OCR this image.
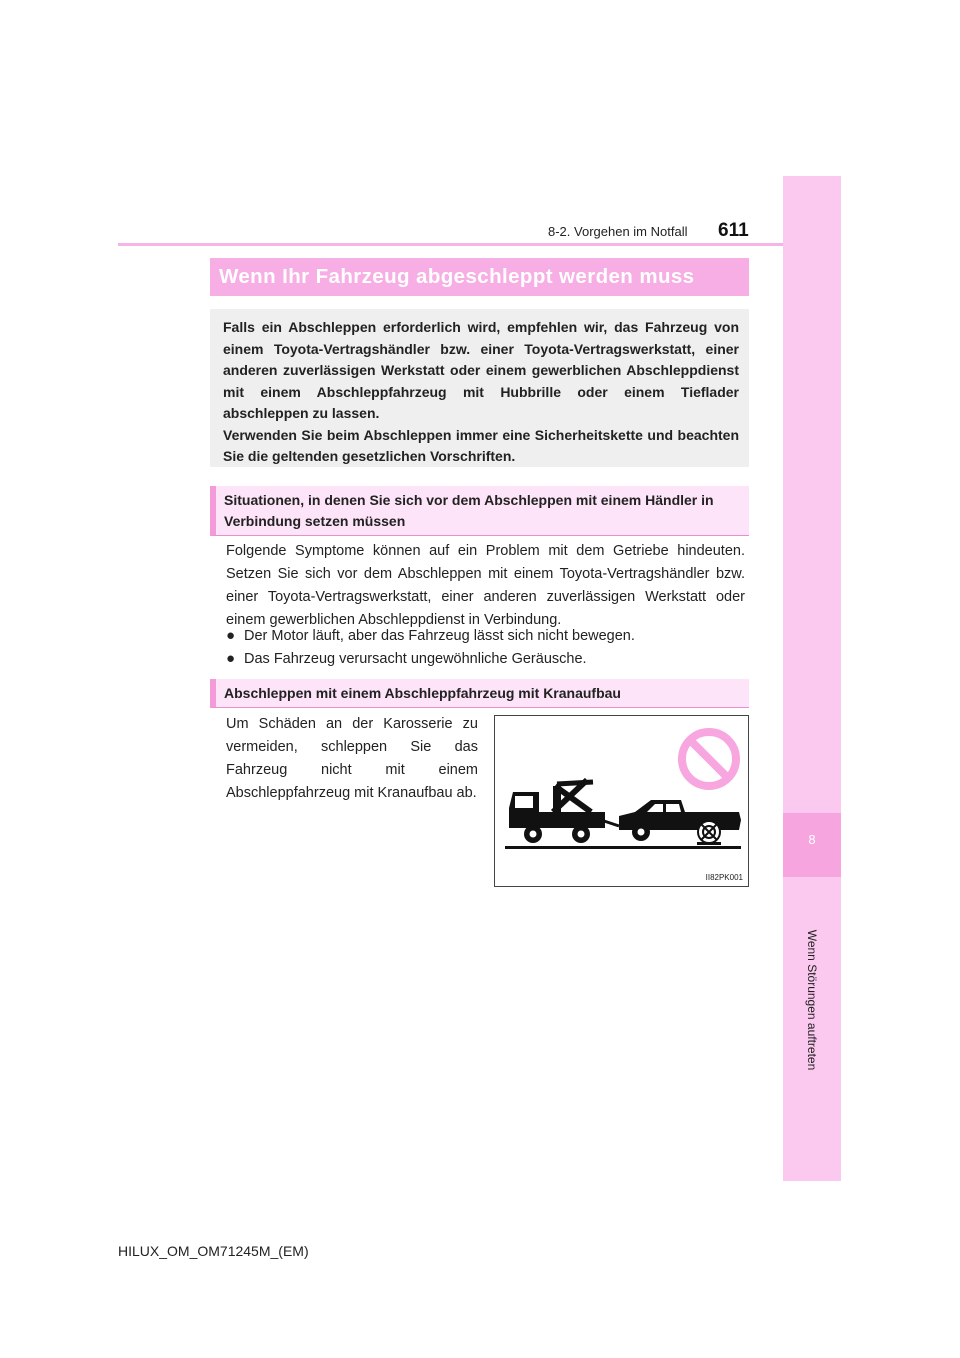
8
Wenn Störungen auftreten
8-2. Vorgehen im Notfall 611
Wenn Ihr Fahrzeug abgeschleppt werden muss

Falls ein Abschleppen erforderlich wird, empfehlen wir, das Fahrzeug von einem Toyota-Vertragshändler bzw. einer Toyota-Vertragswerkstatt, einer anderen zuverlässigen Werkstatt oder einem gewerblichen Abschleppdienst mit einem Abschleppfahrzeug mit Hubbrille oder einem Tieflader abschleppen zu lassen.

Verwenden Sie beim Abschleppen immer eine Sicherheitskette und beachten Sie die geltenden gesetzlichen Vorschriften.

Situationen, in denen Sie sich vor dem Abschleppen mit einem Händler in Verbindung setzen müssen

Folgende Symptome können auf ein Problem mit dem Getriebe hindeuten. Setzen Sie sich vor dem Abschleppen mit einem Toyota-Vertragshändler bzw. einer Toyota-Vertragswerkstatt, einer anderen zuverlässigen Werkstatt oder einem gewerblichen Abschleppdienst in Verbindung.

● Der Motor läuft, aber das Fahrzeug lässt sich nicht bewegen.
● Das Fahrzeug verursacht ungewöhnliche Geräusche.
Abschleppen mit einem Abschleppfahrzeug mit Kranaufbau

Um Schäden an der Karosserie zu vermeiden, schleppen Sie das Fahrzeug nicht mit einem Abschleppfahrzeug mit Kranaufbau ab.

II82PK001
HILUX_OM_OM71245M_(EM)
